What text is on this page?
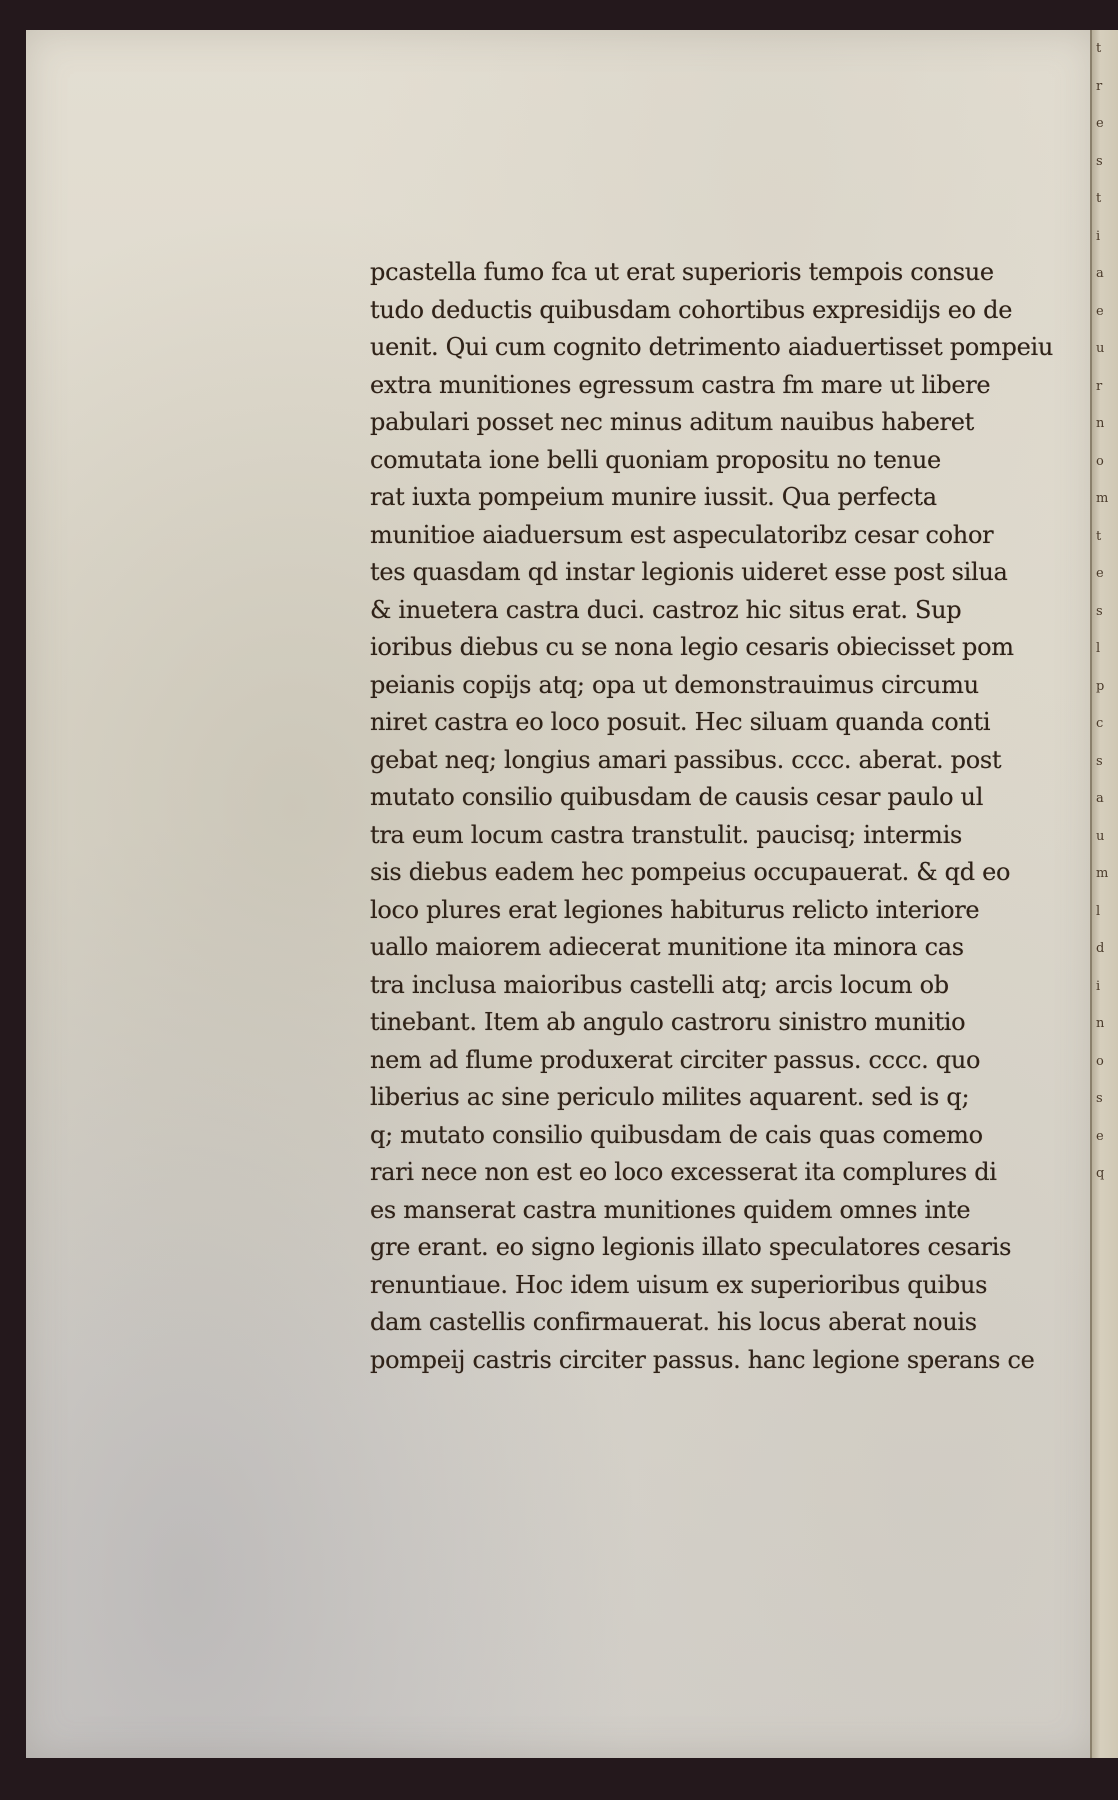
pcastella fumo fca ut erat superioris tempois consue
tudo deductis quibusdam cohortibus expresidijs eo de
uenit. Qui cum cognito detrimento aiaduertisset pompeiu
extra munitiones egressum castra fm mare ut libere
pabulari posset nec minus aditum nauibus haberet
comutata ione belli quoniam propositu no tenue
rat iuxta pompeium munire iussit. Qua perfecta
munitioe aiaduersum est aspeculatoribz cesar cohor
tes quasdam qd instar legionis uideret esse post silua
& inuetera castra duci. castroz hic situs erat. Sup
ioribus diebus cu se nona legio cesaris obiecisset pom
peianis copijs atq; opa ut demonstrauimus circumu
niret castra eo loco posuit. Hec siluam quanda conti
gebat neq; longius amari passibus. cccc. aberat. post
mutato consilio quibusdam de causis cesar paulo ul
tra eum locum castra transtulit. paucisq; intermis
sis diebus eadem hec pompeius occupauerat. & qd eo
loco plures erat legiones habiturus relicto interiore
uallo maiorem adiecerat munitione ita minora cas
tra inclusa maioribus castelli atq; arcis locum ob
tinebant. Item ab angulo castroru sinistro munitio
nem ad flume produxerat circiter passus. cccc. quo
liberius ac sine periculo milites aquarent. sed is q;
q; mutato consilio quibusdam de cais quas comemo
rari nece non est eo loco excesserat ita complures di
es manserat castra munitiones quidem omnes inte
gre erant. eo signo legionis illato speculatores cesaris
renuntiaue. Hoc idem uisum ex superioribus quibus
dam castellis confirmauerat. his locus aberat nouis
pompeij castris circiter passus. hanc legione sperans ce
t
r
e
s
t
i
a
e
u
r
n
o
m
t
e
s
l
p
c
s
a
u
m
l
d
i
n
o
s
e
q
